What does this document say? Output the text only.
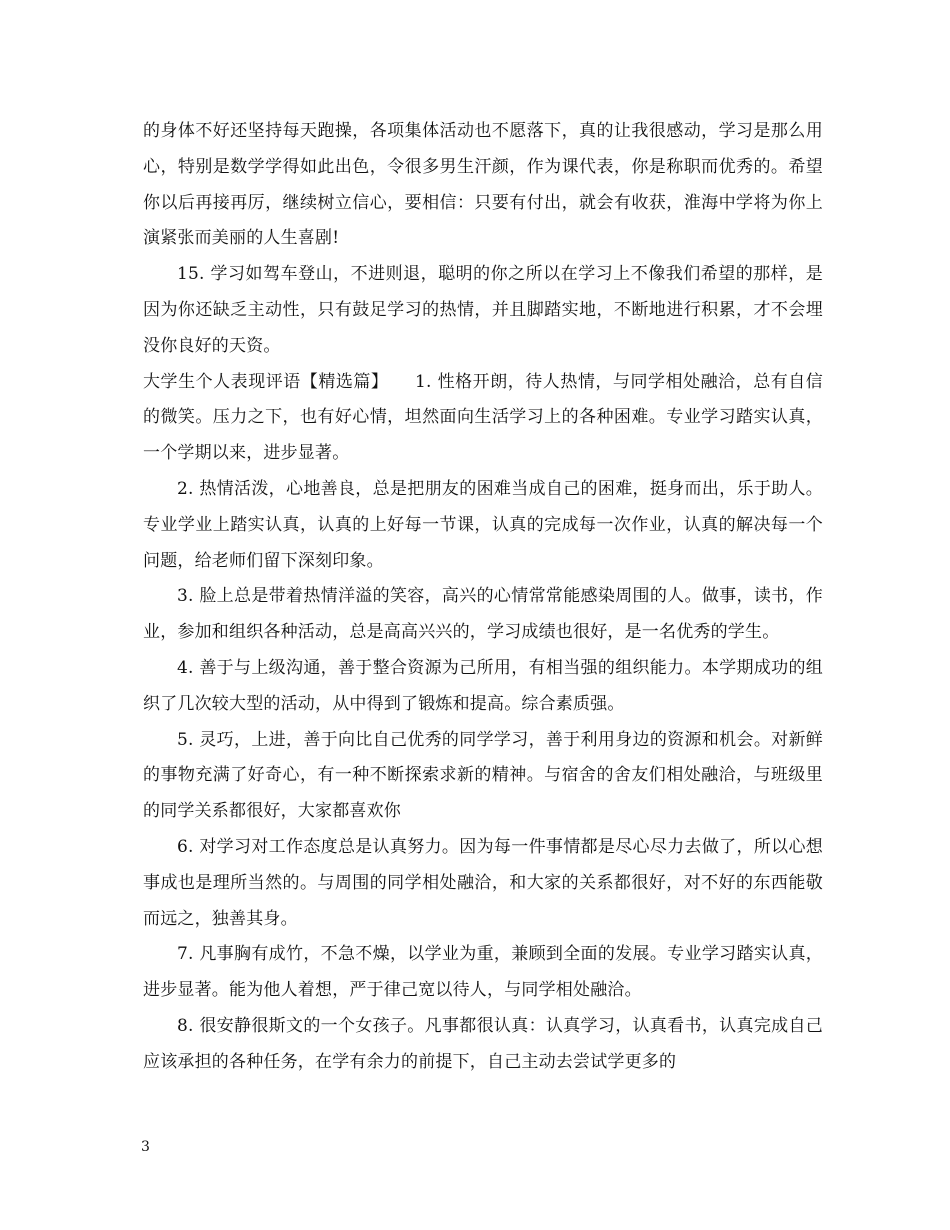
的身体不好还坚持每天跑操，各项集体活动也不愿落下，真的让我很感动，学习是那么用心，特别是数学学得如此出色，令很多男生汗颜，作为课代表，你是称职而优秀的。希望你以后再接再厉，继续树立信心，要相信：只要有付出，就会有收获，淮海中学将为你上演紧张而美丽的人生喜剧!

15. 学习如驾车登山，不进则退，聪明的你之所以在学习上不像我们希望的那样，是因为你还缺乏主动性，只有鼓足学习的热情，并且脚踏实地，不断地进行积累，才不会埋没你良好的天资。

大学生个人表现评语【精选篇】　　1. 性格开朗，待人热情，与同学相处融洽，总有自信的微笑。压力之下，也有好心情，坦然面向生活学习上的各种困难。专业学习踏实认真，一个学期以来，进步显著。

2. 热情活泼，心地善良，总是把朋友的困难当成自己的困难，挺身而出，乐于助人。专业学业上踏实认真，认真的上好每一节课，认真的完成每一次作业，认真的解决每一个问题，给老师们留下深刻印象。

3. 脸上总是带着热情洋溢的笑容，高兴的心情常常能感染周围的人。做事，读书，作业，参加和组织各种活动，总是高高兴兴的，学习成绩也很好，是一名优秀的学生。

4. 善于与上级沟通，善于整合资源为己所用，有相当强的组织能力。本学期成功的组织了几次较大型的活动，从中得到了锻炼和提高。综合素质强。

5. 灵巧，上进，善于向比自己优秀的同学学习，善于利用身边的资源和机会。对新鲜的事物充满了好奇心，有一种不断探索求新的精神。与宿舍的舍友们相处融洽，与班级里的同学关系都很好，大家都喜欢你

6. 对学习对工作态度总是认真努力。因为每一件事情都是尽心尽力去做了，所以心想事成也是理所当然的。与周围的同学相处融洽，和大家的关系都很好，对不好的东西能敬而远之，独善其身。

7. 凡事胸有成竹，不急不燥，以学业为重，兼顾到全面的发展。专业学习踏实认真，进步显著。能为他人着想，严于律己宽以待人，与同学相处融洽。

8. 很安静很斯文的一个女孩子。凡事都很认真：认真学习，认真看书，认真完成自己应该承担的各种任务，在学有余力的前提下，自己主动去尝试学更多的

3
